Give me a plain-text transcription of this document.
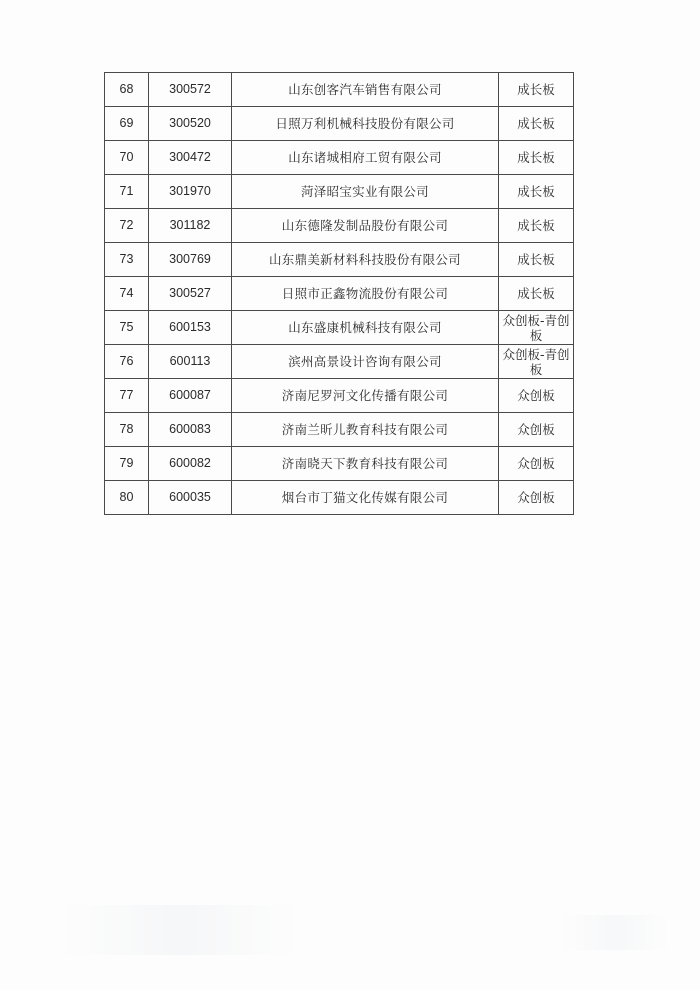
68	300572	山东创客汽车销售有限公司	成长板
69	300520	日照万利机械科技股份有限公司	成长板
70	300472	山东诸城相府工贸有限公司	成长板
71	301970	菏泽昭宝实业有限公司	成长板
72	301182	山东德隆发制品股份有限公司	成长板
73	300769	山东鼎美新材料科技股份有限公司	成长板
74	300527	日照市正鑫物流股份有限公司	成长板
75	600153	山东盛康机械科技有限公司	众创板-青创板
76	600113	滨州高景设计咨询有限公司	众创板-青创板
77	600087	济南尼罗河文化传播有限公司	众创板
78	600083	济南兰昕儿教育科技有限公司	众创板
79	600082	济南晓天下教育科技有限公司	众创板
80	600035	烟台市丁猫文化传媒有限公司	众创板
